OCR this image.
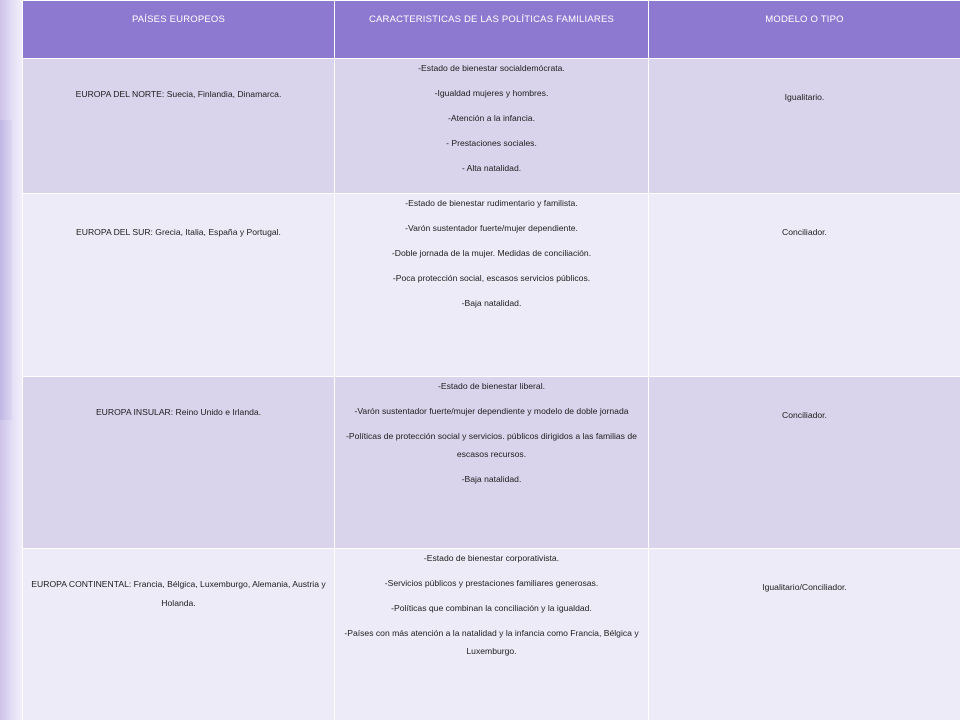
PAÍSES EUROPEOS	CARACTERISTICAS DE LAS POLÍTICAS FAMILIARES	MODELO O TIPO

EUROPA DEL NORTE: Suecia, Finlandia, Dinamarca.	-Estado de bienestar socialdemócrata.

-Igualdad mujeres y hombres.

-Atención a la infancia.

- Prestaciones sociales.

- Alta natalidad.	Igualitario.

EUROPA DEL SUR: Grecia, Italia, España y Portugal.	-Estado de bienestar rudimentario y familista.

-Varón sustentador fuerte/mujer dependiente.

-Doble jornada de la mujer. Medidas de conciliación.

-Poca protección social, escasos servicios públicos.

-Baja natalidad.	Conciliador.

EUROPA INSULAR: Reino Unido e Irlanda.	-Estado de bienestar liberal.

-Varón sustentador fuerte/mujer dependiente y modelo de doble jornada

-Políticas de protección social y servicios. públicos dirigidos a las familias de escasos recursos.

-Baja natalidad.	Conciliador.

EUROPA CONTINENTAL: Francia, Bélgica, Luxemburgo, Alemania, Austria y Holanda.	-Estado de bienestar corporativista.

-Servicios públicos y prestaciones familiares generosas.

-Políticas que combinan la conciliación y la igualdad.

-Países con más atención a la natalidad y la infancia como Francia, Bélgica y Luxemburgo.	Igualitario/Conciliador.
